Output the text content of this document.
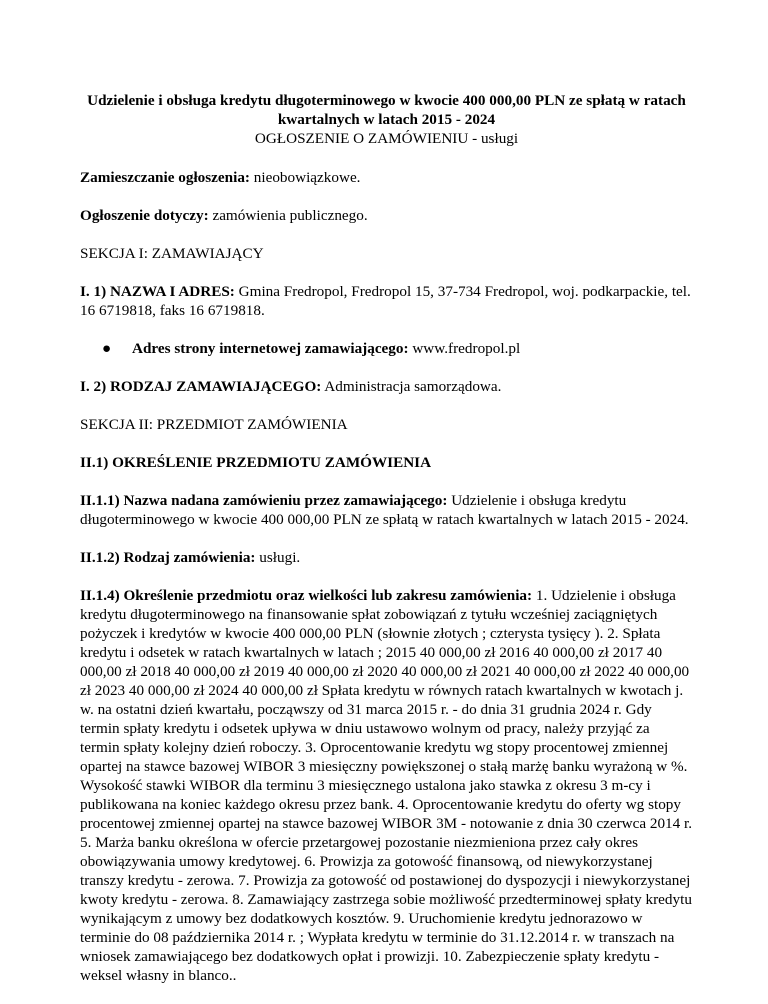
Udzielenie i obsługa kredytu długoterminowego w kwocie 400 000,00 PLN ze spłatą w ratach kwartalnych w latach 2015 - 2024
OGŁOSZENIE O ZAMÓWIENIU - usługi

Zamieszczanie ogłoszenia: nieobowiązkowe.

Ogłoszenie dotyczy: zamówienia publicznego.

SEKCJA I: ZAMAWIAJĄCY

I. 1) NAZWA I ADRES: Gmina Fredropol, Fredropol 15, 37-734 Fredropol, woj. podkarpackie, tel. 16 6719818, faks 16 6719818.

● Adres strony internetowej zamawiającego: www.fredropol.pl

I. 2) RODZAJ ZAMAWIAJĄCEGO: Administracja samorządowa.

SEKCJA II: PRZEDMIOT ZAMÓWIENIA

II.1) OKREŚLENIE PRZEDMIOTU ZAMÓWIENIA

II.1.1) Nazwa nadana zamówieniu przez zamawiającego: Udzielenie i obsługa kredytu długoterminowego w kwocie 400 000,00 PLN ze spłatą w ratach kwartalnych w latach 2015 - 2024.

II.1.2) Rodzaj zamówienia: usługi.

II.1.4) Określenie przedmiotu oraz wielkości lub zakresu zamówienia: 1. Udzielenie i obsługa kredytu długoterminowego na finansowanie spłat zobowiązań z tytułu wcześniej zaciągniętych pożyczek i kredytów w kwocie 400 000,00 PLN (słownie złotych ; czterysta tysięcy ). 2. Spłata kredytu i odsetek w ratach kwartalnych w latach ; 2015 40 000,00 zł 2016 40 000,00 zł 2017 40 000,00 zł 2018 40 000,00 zł 2019 40 000,00 zł 2020 40 000,00 zł 2021 40 000,00 zł 2022 40 000,00 zł 2023 40 000,00 zł 2024 40 000,00 zł Spłata kredytu w równych ratach kwartalnych w kwotach j. w. na ostatni dzień kwartału, począwszy od 31 marca 2015 r. - do dnia 31 grudnia 2024 r. Gdy termin spłaty kredytu i odsetek upływa w dniu ustawowo wolnym od pracy, należy przyjąć za termin spłaty kolejny dzień roboczy. 3. Oprocentowanie kredytu wg stopy procentowej zmiennej opartej na stawce bazowej WIBOR 3 miesięczny powiększonej o stałą marżę banku wyrażoną w %. Wysokość stawki WIBOR dla terminu 3 miesięcznego ustalona jako stawka z okresu 3 m-cy i publikowana na koniec każdego okresu przez bank. 4. Oprocentowanie kredytu do oferty wg stopy procentowej zmiennej opartej na stawce bazowej WIBOR 3M - notowanie z dnia 30 czerwca 2014 r. 5. Marża banku określona w ofercie przetargowej pozostanie niezmieniona przez cały okres obowiązywania umowy kredytowej. 6. Prowizja za gotowość finansową, od niewykorzystanej transzy kredytu - zerowa. 7. Prowizja za gotowość od postawionej do dyspozycji i niewykorzystanej kwoty kredytu - zerowa. 8. Zamawiający zastrzega sobie możliwość przedterminowej spłaty kredytu wynikającym z umowy bez dodatkowych kosztów. 9. Uruchomienie kredytu jednorazowo w terminie do 08 października 2014 r. ; Wypłata kredytu w terminie do 31.12.2014 r. w transzach na wniosek zamawiającego bez dodatkowych opłat i prowizji. 10. Zabezpieczenie spłaty kredytu - weksel własny in blanco..
